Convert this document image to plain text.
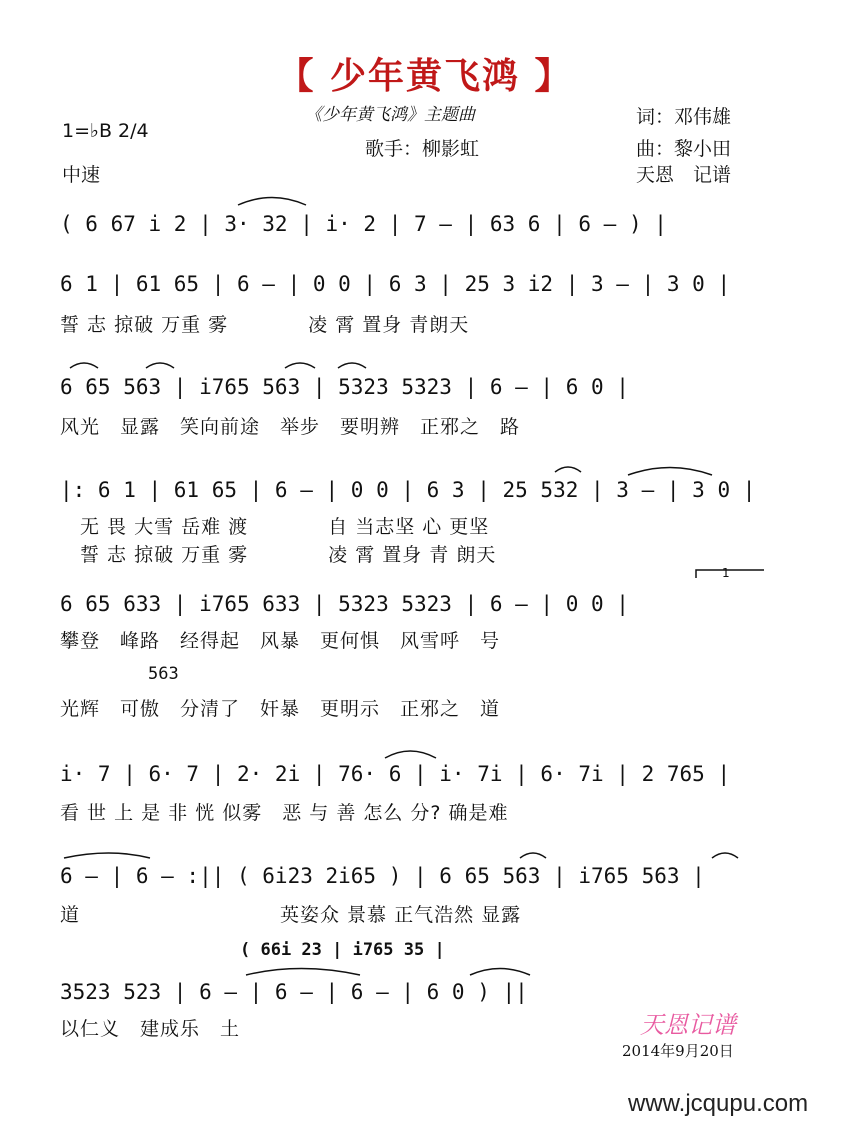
【 少年黄飞鸿 】
《少年黄飞鸿》主题曲
歌手：柳影虹
词：邓伟雄
曲：黎小田
天恩　记谱
1=♭B 2/4
中速
( 6 67 i 2 | 3· 32 | i· 2 | 7 – | 63 6 | 6 – ) |
6 1 | 61 65 | 6 – | 0 0 | 6 3 | 25 3 i2 | 3 – | 3 0 |
誓 志 掠破 万重 雾　　　　凌 霄 置身 青朗天
6 65 563 | i765 563 | 5323 5323 | 6 – | 6 0 |
风光　显露　笑向前途　举步　要明辨　正邪之　路
|: 6 1 | 61 65 | 6 – | 0 0 | 6 3 | 25 532 | 3 – | 3 0 |
无 畏 大雪 岳难 渡　　　　自 当志坚 心 更坚
誓 志 掠破 万重 雾　　　　凌 霄 置身 青 朗天
1
6 65 633 | i765 633 | 5323 5323 | 6 – | 0 0 |
攀登　峰路　经得起　风暴　更何惧　风雪呼　号
563
光辉　可傲　分清了　奸暴　更明示　正邪之　道
i· 7 | 6· 7 | 2· 2i | 76· 6 | i· 7i | 6· 7i | 2 765 |
看 世 上 是 非 恍 似雾　恶 与 善 怎么 分? 确是难
6 – | 6 – :|| ( 6i23 2i65 ) | 6 65 563 | i765 563 |
道　　　　　　　　　　英姿众 景慕 正气浩然 显露
( 66i 23 | i765 35 |
3523 523 | 6 – | 6 – | 6 – | 6 0 ) ||
以仁义　建成乐　土	天恩记谱
2014年9月20日
www.jcqupu.com
